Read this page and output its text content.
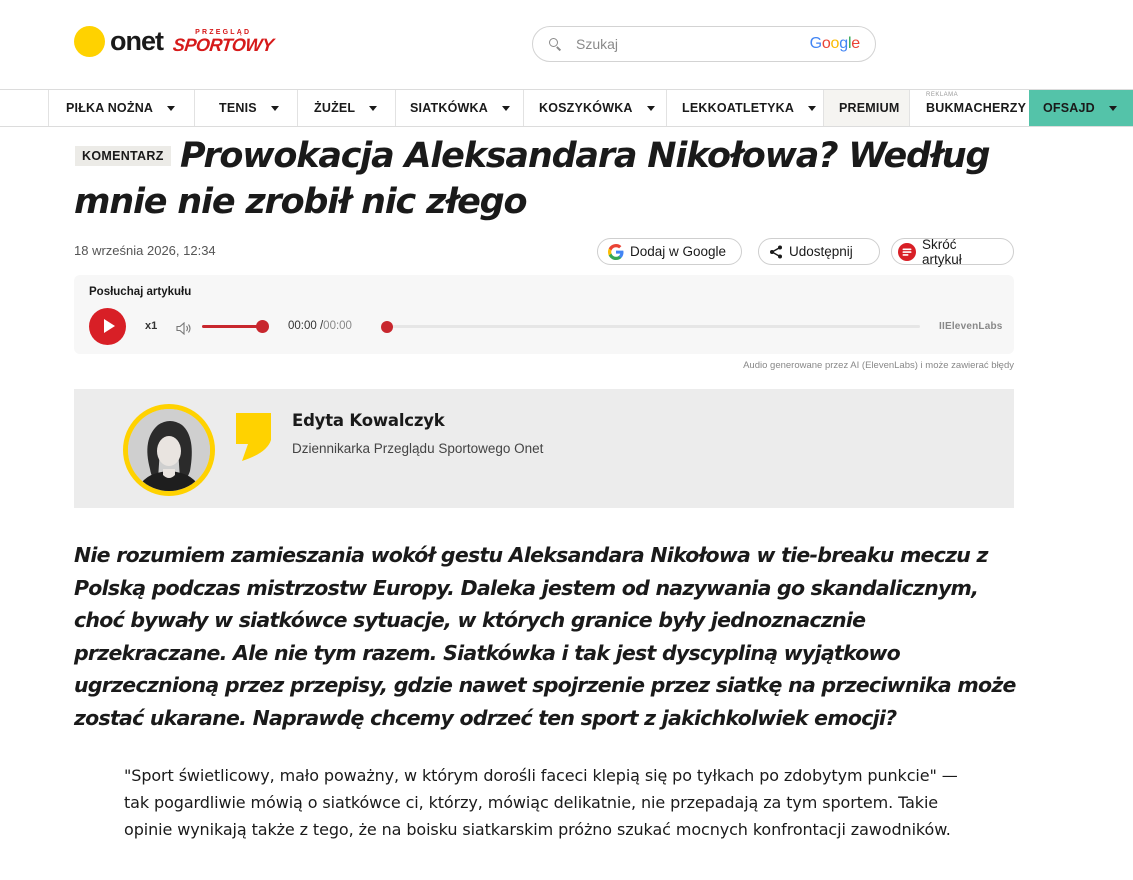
onet	PRZEGLĄD
SPORTOWY
Szukaj	Google
PIŁKA NOŻNA	TENIS	ŻUŻEL	SIATKÓWKA	KOSZYKÓWKA	LEKKOATLETYKA	PREMIUM
REKLAMA
BUKMACHERZY OFSAJD
Prowokacja Aleksandara Nikołowa? Według mnie nie zrobił nic złego
KOMENTARZ
18 września 2026, 12:34	Dodaj w Google	Udostępnij	Skróć artykuł
Posłuchaj artykułu
x1	00:00 /00:00	IIElevenLabs
Audio generowane przez AI (ElevenLabs) i może zawierać błędy
Edyta Kowalczyk
Dziennikarka Przeglądu Sportowego Onet

Nie rozumiem zamieszania wokół gestu Aleksandara Nikołowa w tie-breaku meczu z Polską podczas mistrzostw Europy. Daleka jestem od nazywania go skandalicznym, choć bywały w siatkówce sytuacje, w których granice były jednoznacznie przekraczane. Ale nie tym razem. Siatkówka i tak jest dyscypliną wyjątkowo ugrzecznioną przez przepisy, gdzie nawet spojrzenie przez siatkę na przeciwnika może zostać ukarane. Naprawdę chcemy odrzeć ten sport z jakichkolwiek emocji?

"Sport świetlicowy, mało poważny, w którym dorośli faceci klepią się po tyłkach po zdobytym punkcie" — tak pogardliwie mówią o siatkówce ci, którzy, mówiąc delikatnie, nie przepadają za tym sportem. Takie opinie wynikają także z tego, że na boisku siatkarskim próżno szukać mocnych konfrontacji zawodników.
